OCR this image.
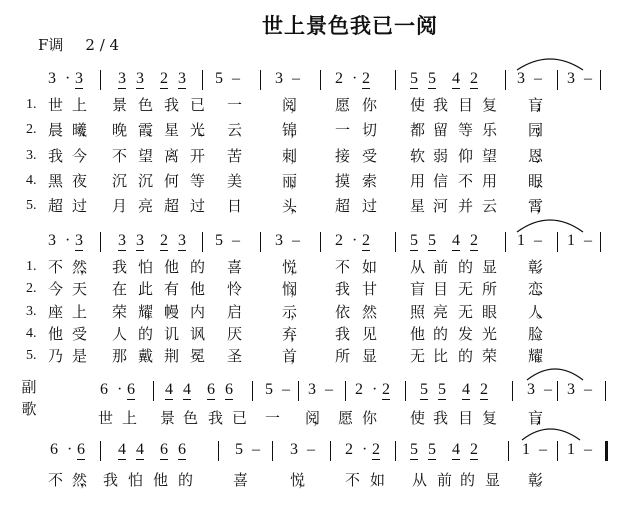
世上景色我已一阅
F调 2 / 4
副歌
3 · 3 3 3 2 3 5 – 3 – 2 · 2	5 5 4 2 3 – 3 –
3 · 3 3 3 2 3 5 – 3 – 2 · 2	5 5 4 2 1 – 1 –
6 · 6 4 4 6 6 5 – 3 – 2 · 2 5 5 4 2 3 – 3 –
6 · 6 4 4 6 6	5 – 3 – 2 · 2 5 5 4 2	1 – 1 –
1. 世 上 景 色 我 已 一	阅， 愿 你 使 我 目 复 盲;
2. 晨 曦、 晚 霞、 星 光、 云	锦， 一 切 都 留 等 乐 园;
3. 我 今 不 望 离 开 苦	刺， 接 受 软 弱 仰 望 恩;
4. 黑 夜 沉 沉 何 等 美	丽， 摸 索 用 信 不 用 眼;
5. 超 过 月 亮 超 过 日	头， 超 过 星 河 并 云 霄，
1. 不 然， 我 怕 他 的 喜	悦， 不 如 从 前 的 显 彰。
2. 今 天 在 此 有 他 怜	悯， 我 甘 盲 目 无 所 恋。
3. 座 上 荣 耀， 幔 内 启	示， 依 然 照 亮 无 眼 人。
4. 他 受 人 的 讥 讽 厌	弃， 我 见 他 的 发 光 脸。
5. 乃 是 那 戴 荆 冕 圣	首， 所 显 无 比 的 荣 耀。
世 上 景 色 我 已 一 阅， 愿 你 使 我 目 复 盲;
不 然， 我 怕 他 的	喜	悦，	不 如 从 前 的 显 彰。
